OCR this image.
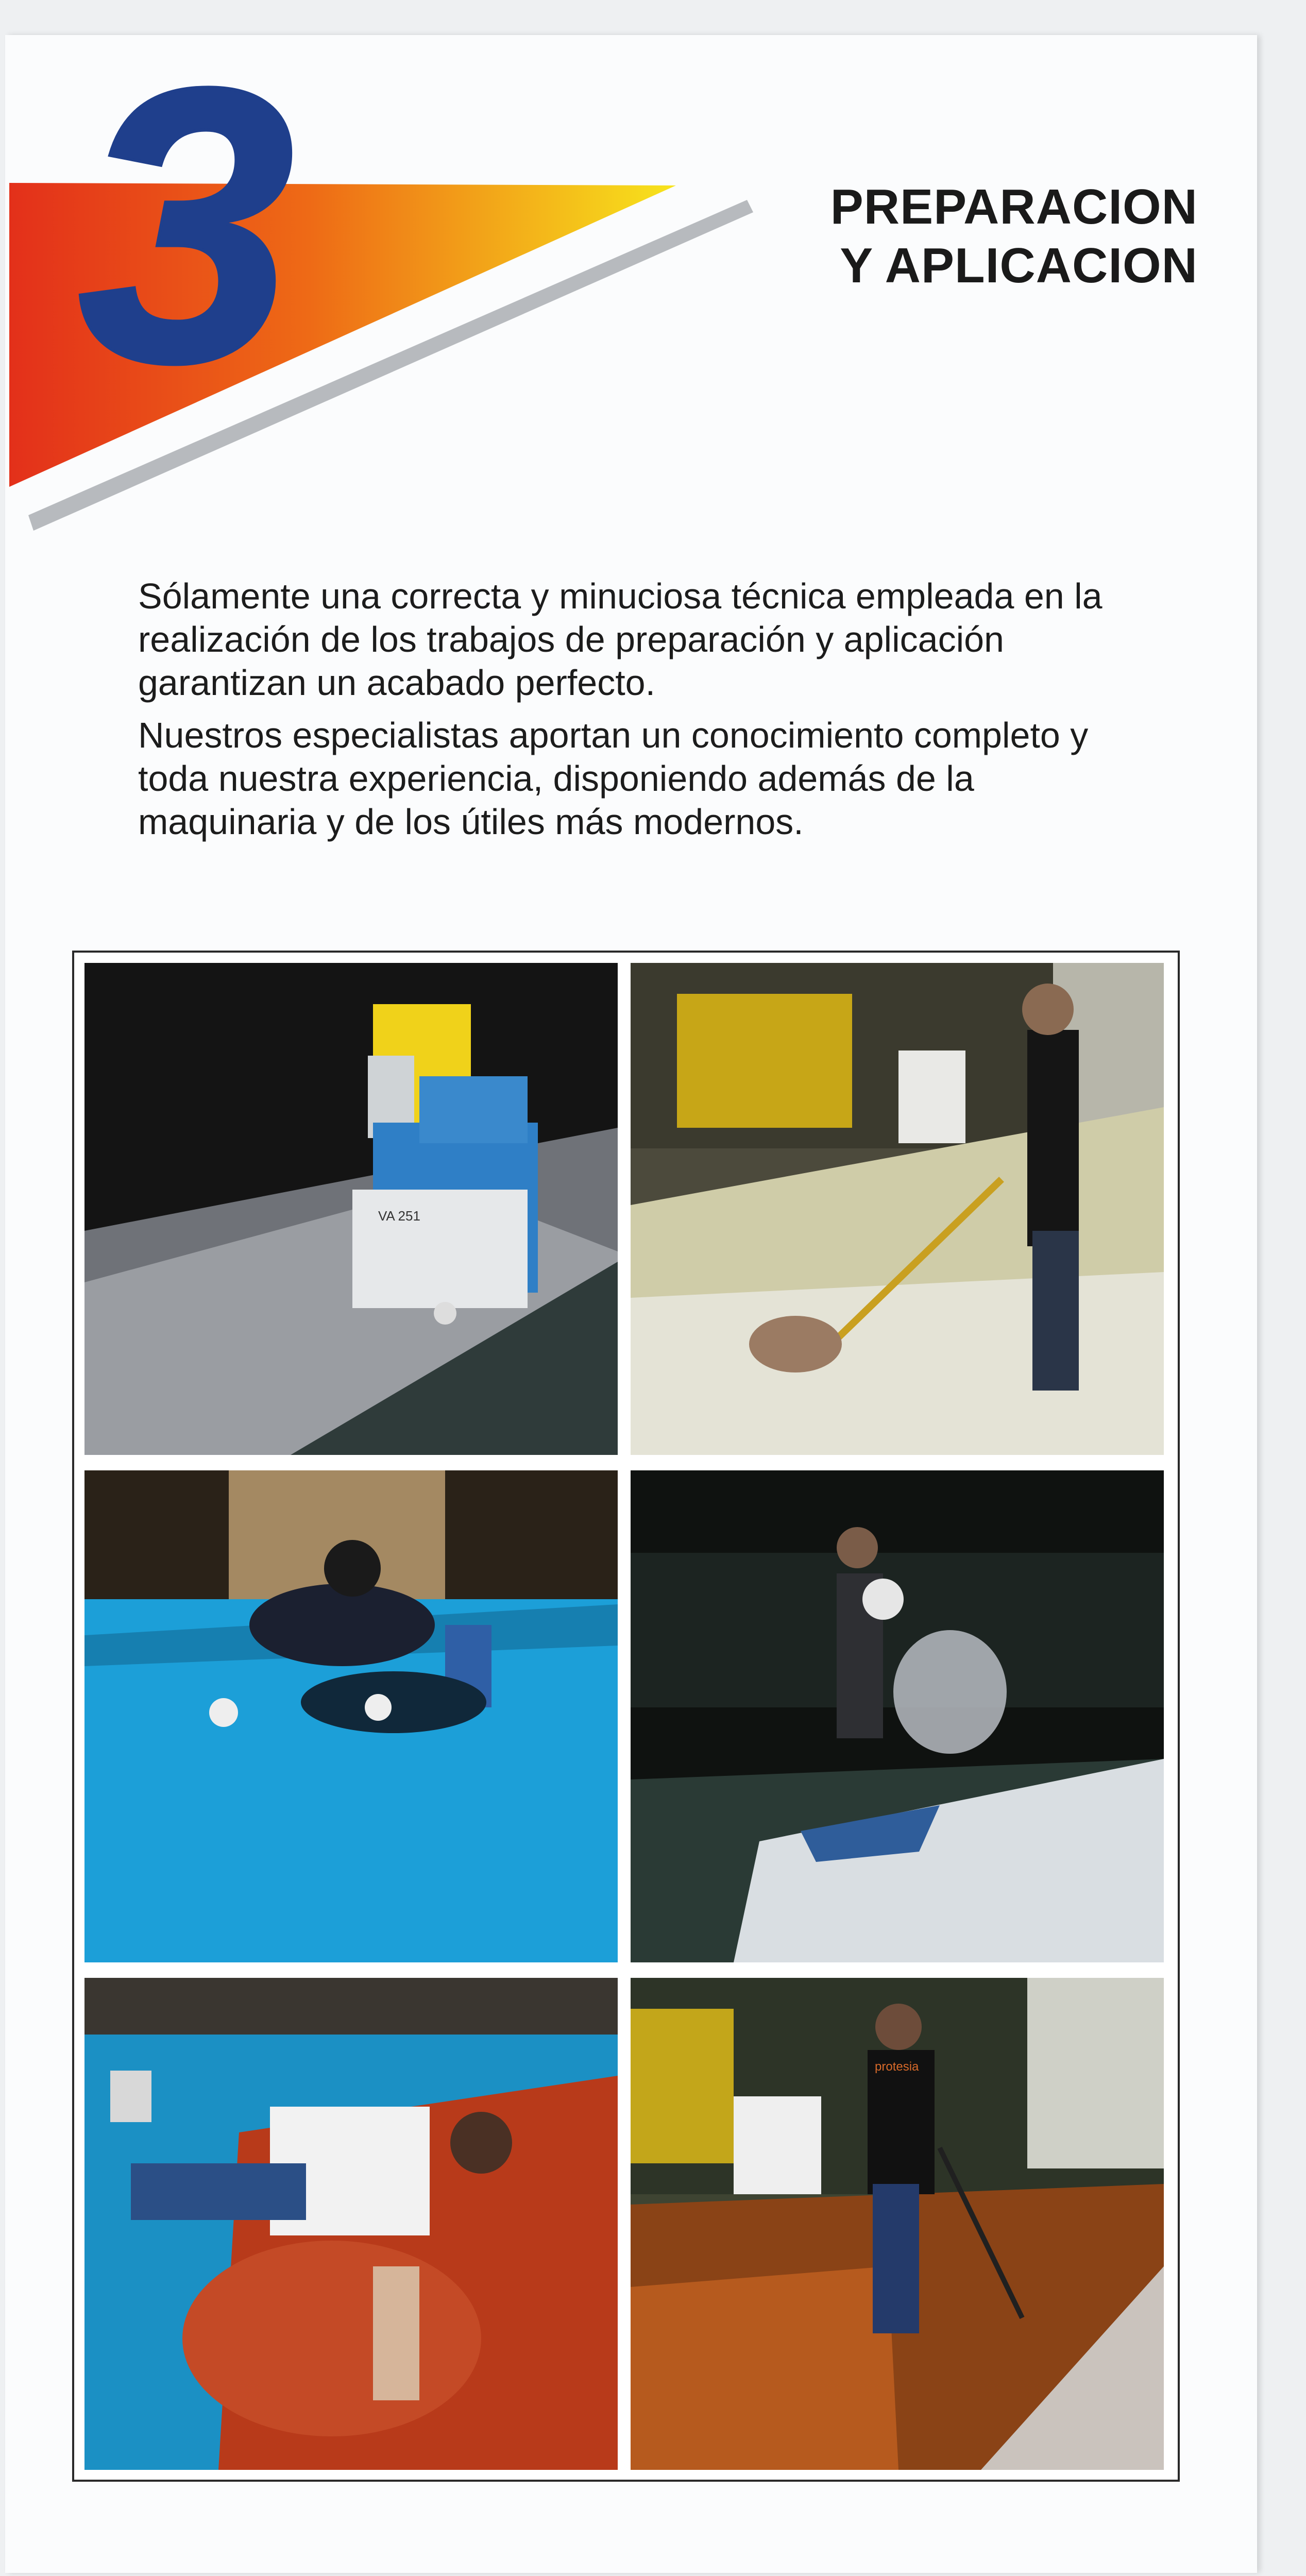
3	PREPARACION
Y APLICACION

Sólamente una correcta y minuciosa técnica empleada en la realización de los trabajos de preparación y aplicación garantizan un acabado perfecto.

Nuestros especialistas aportan un conocimiento completo y toda nuestra experiencia, disponiendo además de la maquinaria y de los útiles más modernos.

VA 251
protesia
